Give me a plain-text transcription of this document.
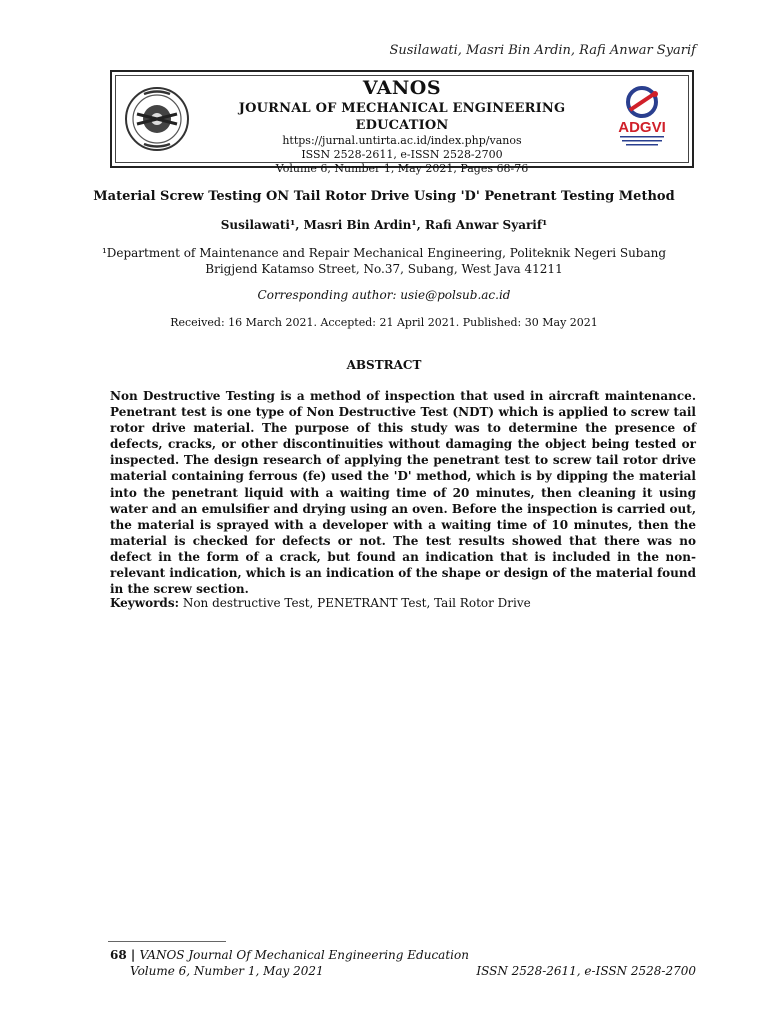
Susilawati, Masri Bin Ardin, Rafi Anwar Syarif
VANOS
JOURNAL OF MECHANICAL ENGINEERING EDUCATION
https://jurnal.untirta.ac.id/index.php/vanos
ISSN 2528-2611, e-ISSN 2528-2700
Volume 6, Number 1, May 2021, Pages 68-76
ADGVI
Material Screw Testing ON Tail Rotor Drive Using 'D' Penetrant Testing Method
Susilawati¹, Masri Bin Ardin¹, Rafi Anwar Syarif¹
¹Department of Maintenance and Repair Mechanical Engineering, Politeknik Negeri Subang
Brigjend Katamso Street, No.37, Subang, West Java 41211
Corresponding author: usie@polsub.ac.id
Received: 16 March 2021. Accepted: 21 April 2021. Published: 30 May 2021
ABSTRACT
Non Destructive Testing is a method of inspection that used in aircraft maintenance. Penetrant test is one type of Non Destructive Test (NDT) which is applied to screw tail rotor drive material. The purpose of this study was to determine the presence of defects, cracks, or other discontinuities without damaging the object being tested or inspected. The design research of applying the penetrant test to screw tail rotor drive material containing ferrous (fe) used the 'D' method, which is by dipping the material into the penetrant liquid with a waiting time of 20 minutes, then cleaning it using water and an emulsifier and drying using an oven. Before the inspection is carried out, the material is sprayed with a developer with a waiting time of 10 minutes, then the material is checked for defects or not. The test results showed that there was no defect in the form of a crack, but found an indication that is included in the non-relevant indication, which is an indication of the shape or design of the material found in the screw section.
Keywords: Non destructive Test, PENETRANT Test, Tail Rotor Drive
68 | VANOS Journal Of Mechanical Engineering Education
Volume 6, Number 1, May 2021	ISSN 2528-2611, e-ISSN 2528-2700
